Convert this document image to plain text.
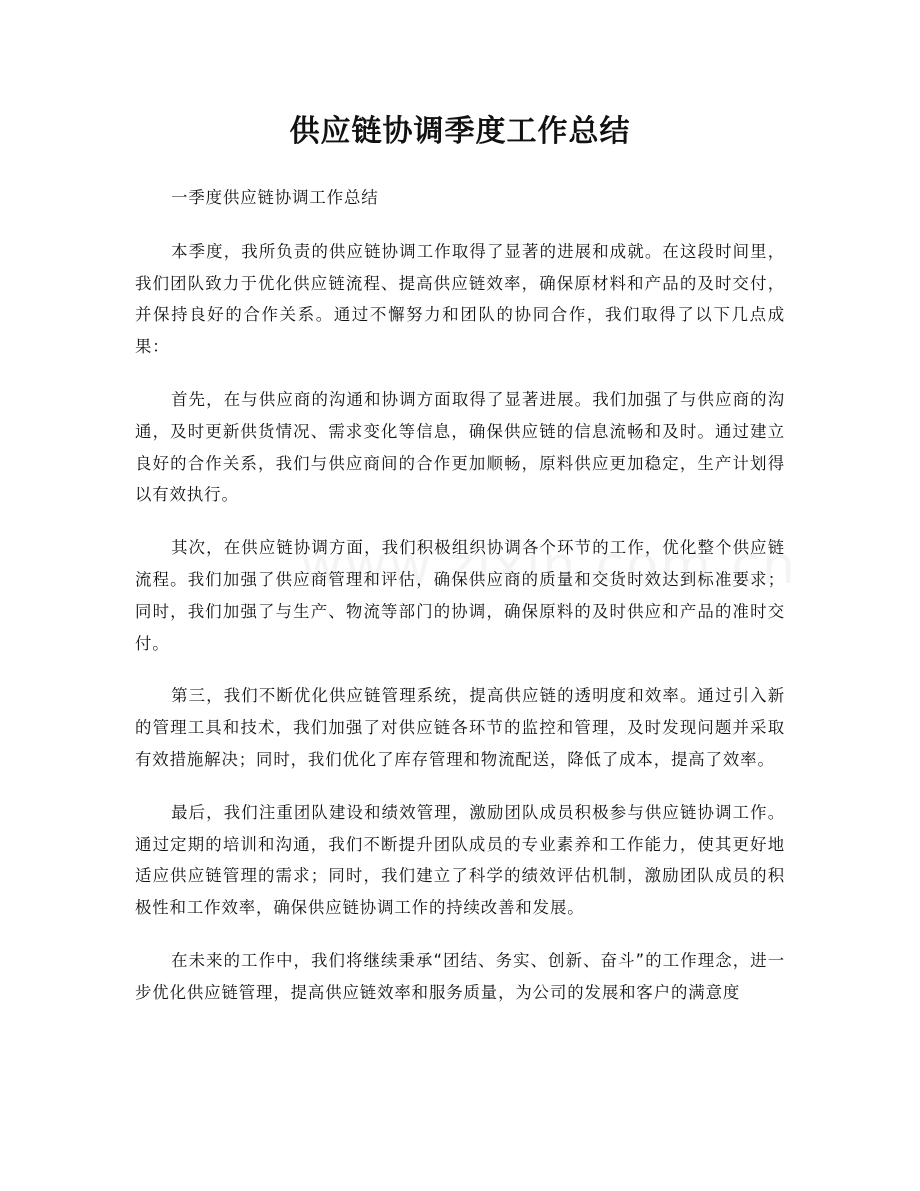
供应链协调季度工作总结

一季度供应链协调工作总结

本季度，我所负责的供应链协调工作取得了显著的进展和成就。在这段时间里，我们团队致力于优化供应链流程、提高供应链效率，确保原材料和产品的及时交付，并保持良好的合作关系。通过不懈努力和团队的协同合作，我们取得了以下几点成果：

首先，在与供应商的沟通和协调方面取得了显著进展。我们加强了与供应商的沟通，及时更新供货情况、需求变化等信息，确保供应链的信息流畅和及时。通过建立良好的合作关系，我们与供应商间的合作更加顺畅，原料供应更加稳定，生产计划得以有效执行。

其次，在供应链协调方面，我们积极组织协调各个环节的工作，优化整个供应链流程。我们加强了供应商管理和评估，确保供应商的质量和交货时效达到标准要求；同时，我们加强了与生产、物流等部门的协调，确保原料的及时供应和产品的准时交付。

第三，我们不断优化供应链管理系统，提高供应链的透明度和效率。通过引入新的管理工具和技术，我们加强了对供应链各环节的监控和管理，及时发现问题并采取有效措施解决；同时，我们优化了库存管理和物流配送，降低了成本，提高了效率。

最后，我们注重团队建设和绩效管理，激励团队成员积极参与供应链协调工作。通过定期的培训和沟通，我们不断提升团队成员的专业素养和工作能力，使其更好地适应供应链管理的需求；同时，我们建立了科学的绩效评估机制，激励团队成员的积极性和工作效率，确保供应链协调工作的持续改善和发展。

在未来的工作中，我们将继续秉承“团结、务实、创新、奋斗”的工作理念，进一步优化供应链管理，提高供应链效率和服务质量，为公司的发展和客户的满意度
